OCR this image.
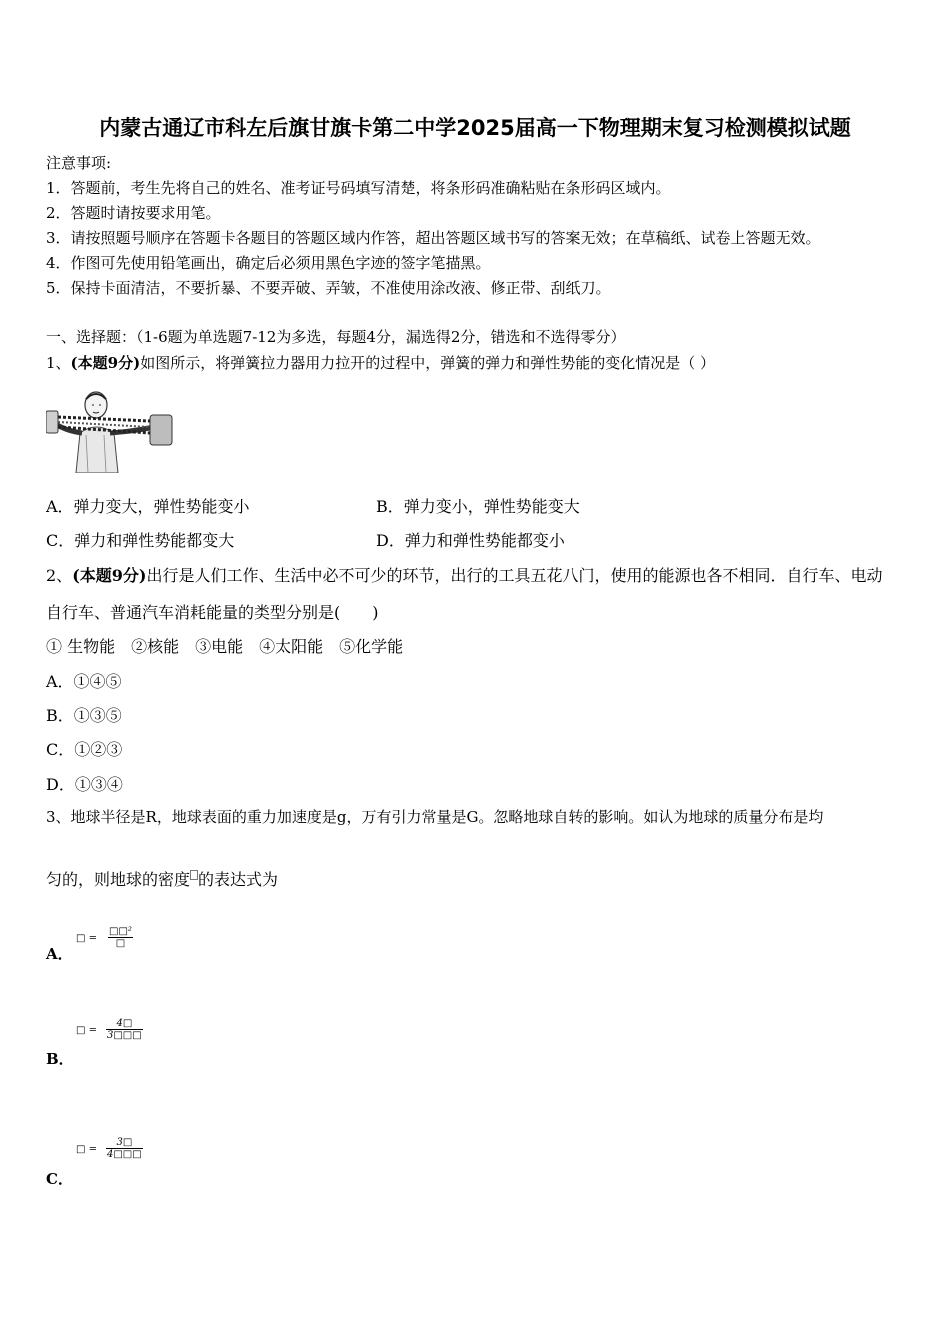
内蒙古通辽市科左后旗甘旗卡第二中学2025届高一下物理期末复习检测模拟试题
注意事项:
1．答题前，考生先将自己的姓名、准考证号码填写清楚，将条形码准确粘贴在条形码区域内。
2．答题时请按要求用笔。
3．请按照题号顺序在答题卡各题目的答题区域内作答，超出答题区域书写的答案无效；在草稿纸、试卷上答题无效。
4．作图可先使用铅笔画出，确定后必须用黑色字迹的签字笔描黑。
5．保持卡面清洁，不要折暴、不要弄破、弄皱，不准使用涂改液、修正带、刮纸刀。
一、选择题：（1-6题为单选题7-12为多选，每题4分，漏选得2分，错选和不选得零分）
1、(本题9分)如图所示，将弹簧拉力器用力拉开的过程中，弹簧的弹力和弹性势能的变化情况是（ ）
A．弹力变大，弹性势能变小	B．弹力变小，弹性势能变大
C．弹力和弹性势能都变大	D．弹力和弹性势能都变小
2、(本题9分)出行是人们工作、生活中必不可少的环节，出行的工具五花八门，使用的能源也各不相同．自行车、电动
自行车、普通汽车消耗能量的类型分别是(　　)
① 生物能　②核能　③电能　④太阳能　⑤化学能
A．①④⑤
B．①③⑤
C．①②③
D．①③④
3、地球半径是R，地球表面的重力加速度是g，万有引力常量是G。忽略地球自转的影响。如认为地球的质量分布是均
匀的，则地球的密度 的表达式为
□ =
□□²
□
A．
□ = $\frac{4□}{3□□□}$
B．
□ = $\frac{3□}{4□□□}$
C．
